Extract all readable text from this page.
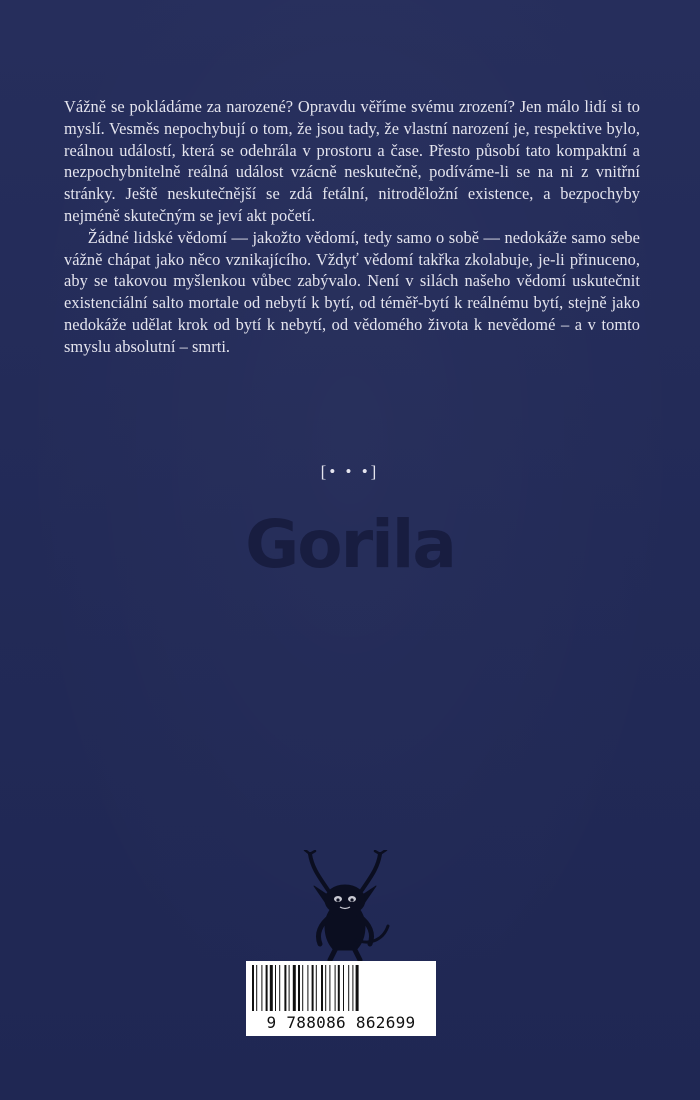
Vážně se pokládáme za narozené? Opravdu věříme svému zrození? Jen málo lidí si to myslí. Vesměs nepochybují o tom, že jsou tady, že vlastní narození je, respektive bylo, reálnou událostí, která se odehrála v prostoru a čase. Přesto působí tato kompaktní a nezpochybnitelně reálná událost vzácně neskutečně, podíváme-li se na ni z vnitřní stránky. Ještě neskutečnější se zdá fetální, nitroděložní existence, a bezpochyby nejméně skutečným se jeví akt početí.

Žádné lidské vědomí — jakožto vědomí, tedy samo o sobě — nedokáže samo sebe vážně chápat jako něco vznikajícího. Vždyť vědomí takřka zkolabuje, je-li přinuceno, aby se takovou myšlenkou vůbec zabývalo. Není v silách našeho vědomí uskutečnit existenciální salto mortale od nebytí k bytí, od téměř-bytí k reálnému bytí, stejně jako nedokáže udělat krok od bytí k nebytí, od vědomého života k nevědomé – a v tomto smyslu absolutní – smrti.

[• • •]
Gorila
9 788086 862699
